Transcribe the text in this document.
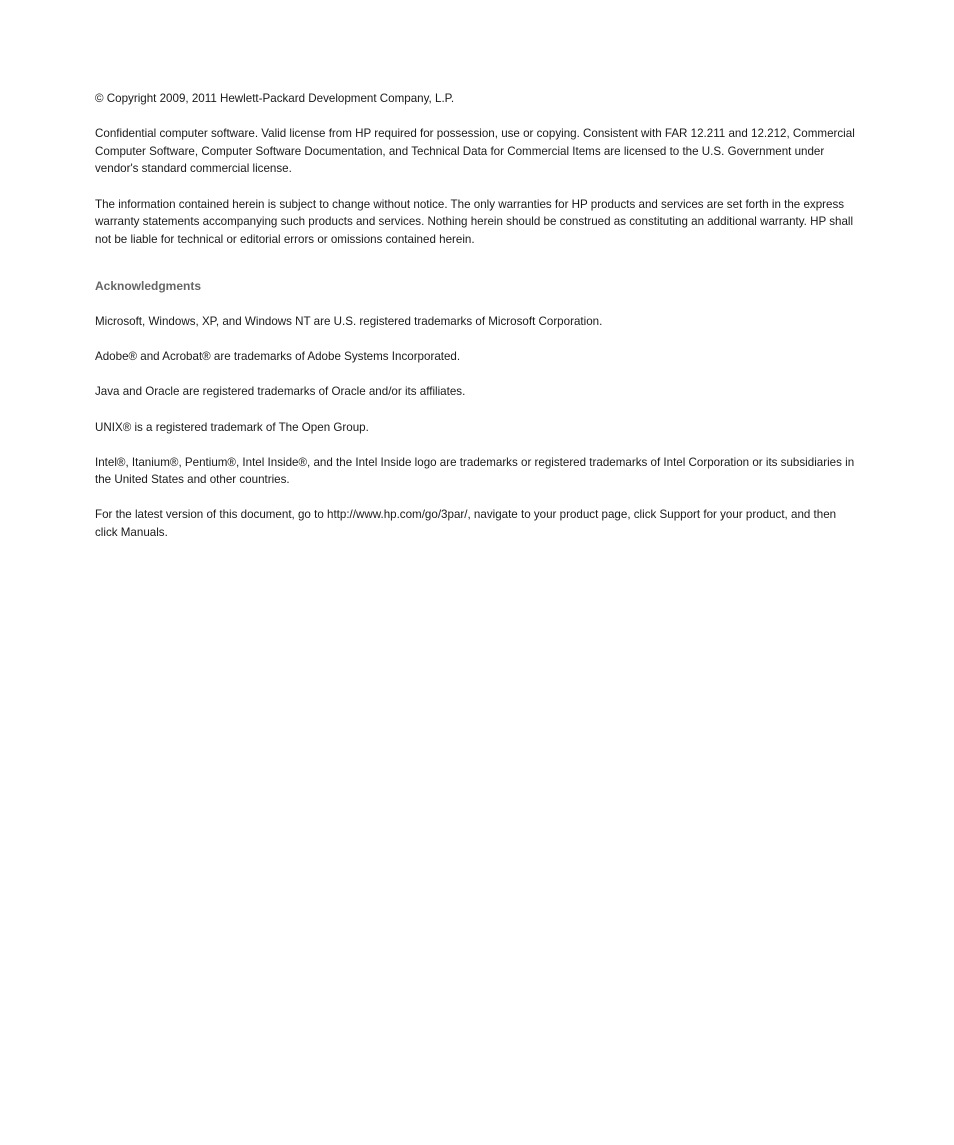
© Copyright 2009, 2011 Hewlett-Packard Development Company, L.P.

Confidential computer software. Valid license from HP required for possession, use or copying. Consistent with FAR 12.211 and 12.212, Commercial Computer Software, Computer Software Documentation, and Technical Data for Commercial Items are licensed to the U.S. Government under vendor's standard commercial license.

The information contained herein is subject to change without notice. The only warranties for HP products and services are set forth in the express warranty statements accompanying such products and services. Nothing herein should be construed as constituting an additional warranty. HP shall not be liable for technical or editorial errors or omissions contained herein.

Acknowledgments

Microsoft, Windows, XP, and Windows NT are U.S. registered trademarks of Microsoft Corporation.

Adobe® and Acrobat® are trademarks of Adobe Systems Incorporated.

Java and Oracle are registered trademarks of Oracle and/or its affiliates.

UNIX® is a registered trademark of The Open Group.

Intel®, Itanium®, Pentium®, Intel Inside®, and the Intel Inside logo are trademarks or registered trademarks of Intel Corporation or its subsidiaries in the United States and other countries.

For the latest version of this document, go to http://www.hp.com/go/3par/, navigate to your product page, click Support for your product, and then click Manuals.
